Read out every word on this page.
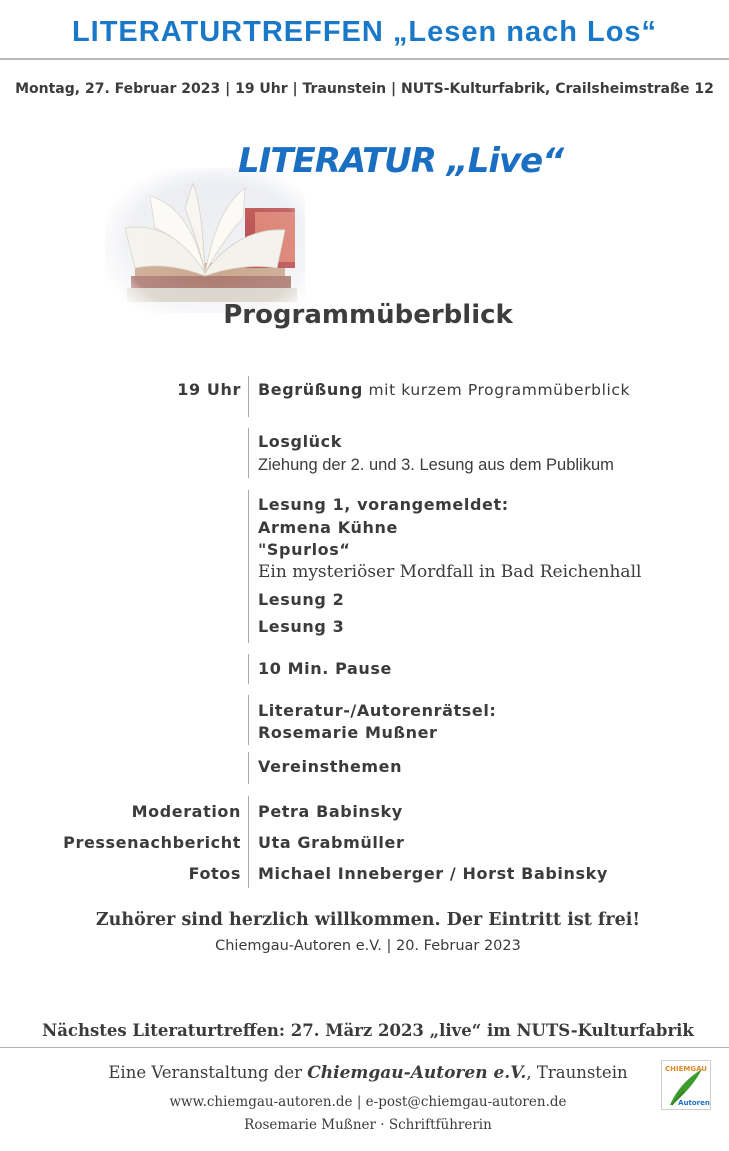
LITERATURTREFFEN „Lesen nach Los“
Montag, 27. Februar 2023 | 19 Uhr | Traunstein | NUTS-Kulturfabrik, Crailsheimstraße 12
LITERATUR „Live“
Programmüberblick
19 Uhr Begrüßung mit kurzem Programmüberblick
Losglück
Ziehung der 2. und 3. Lesung aus dem Publikum
Lesung 1, vorangemeldet:
Armena Kühne
"Spurlos“
Ein mysteriöser Mordfall in Bad Reichenhall
Lesung 2
Lesung 3
10 Min. Pause
Literatur-/Autorenrätsel:
Rosemarie Mußner
Vereinsthemen
Moderation Petra Babinsky
Pressenachbericht Uta Grabmüller
Fotos Michael Inneberger / Horst Babinsky
Zuhörer sind herzlich willkommen. Der Eintritt ist frei!
Chiemgau-Autoren e.V. | 20. Februar 2023
Nächstes Literaturtreffen: 27. März 2023 „live“ im NUTS-Kulturfabrik
Eine Veranstaltung der Chiemgau-Autoren e.V., Traunstein
www.chiemgau-autoren.de | e-post@chiemgau-autoren.de
Rosemarie Mußner · Schriftführerin
CHIEMGAU
Autoren
